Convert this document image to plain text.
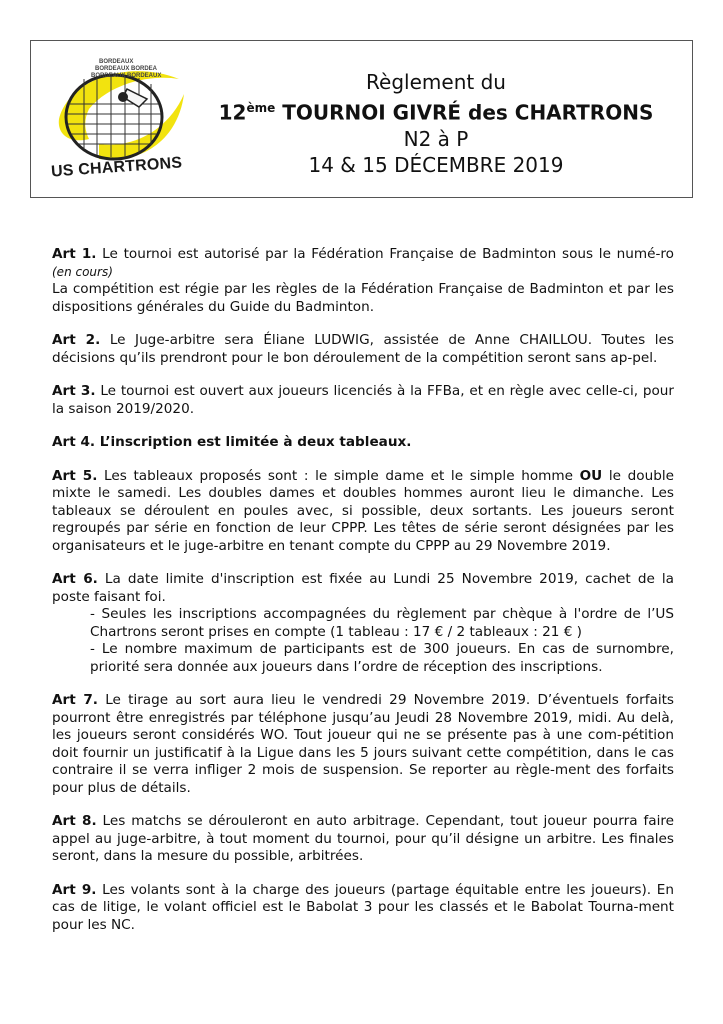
BORDEAUX
BORDEAUX BORDEA
BORDEAUX BORDEAUX
US CHARTRONS
Règlement du
12ème TOURNOI GIVRÉ des CHARTRONS
N2 à P
14 & 15 DÉCEMBRE 2019

Art 1. Le tournoi est autorisé par la Fédération Française de Badminton sous le numé-ro (en cours)
La compétition est régie par les règles de la Fédération Française de Badminton et par les dispositions générales du Guide du Badminton.

Art 2. Le Juge-arbitre sera Éliane LUDWIG, assistée de Anne CHAILLOU. Toutes les décisions qu’ils prendront pour le bon déroulement de la compétition seront sans ap-pel.

Art 3. Le tournoi est ouvert aux joueurs licenciés à la FFBa, et en règle avec celle-ci, pour la saison 2019/2020.

Art 4. L’inscription est limitée à deux tableaux.

Art 5. Les tableaux proposés sont : le simple dame et le simple homme OU le double mixte le samedi. Les doubles dames et doubles hommes auront lieu le dimanche. Les tableaux se déroulent en poules avec, si possible, deux sortants. Les joueurs seront regroupés par série en fonction de leur CPPP. Les têtes de série seront désignées par les organisateurs et le juge-arbitre en tenant compte du CPPP au 29 Novembre 2019.

Art 6. La date limite d'inscription est fixée au Lundi 25 Novembre 2019, cachet de la poste faisant foi.

- Seules les inscriptions accompagnées du règlement par chèque à l'ordre de l’US Chartrons seront prises en compte (1 tableau : 17 € / 2 tableaux : 21 € )
- Le nombre maximum de participants est de 300 joueurs. En cas de surnombre, priorité sera donnée aux joueurs dans l’ordre de réception des inscriptions.

Art 7. Le tirage au sort aura lieu le vendredi 29 Novembre 2019. D’éventuels forfaits pourront être enregistrés par téléphone jusqu’au Jeudi 28 Novembre 2019, midi. Au delà, les joueurs seront considérés WO. Tout joueur qui ne se présente pas à une com-pétition doit fournir un justificatif à la Ligue dans les 5 jours suivant cette compétition, dans le cas contraire il se verra infliger 2 mois de suspension. Se reporter au règle-ment des forfaits pour plus de détails.

Art 8. Les matchs se dérouleront en auto arbitrage. Cependant, tout joueur pourra faire appel au juge-arbitre, à tout moment du tournoi, pour qu’il désigne un arbitre. Les finales seront, dans la mesure du possible, arbitrées.

Art 9. Les volants sont à la charge des joueurs (partage équitable entre les joueurs). En cas de litige, le volant officiel est le Babolat 3 pour les classés et le Babolat Tourna-ment pour les NC.
